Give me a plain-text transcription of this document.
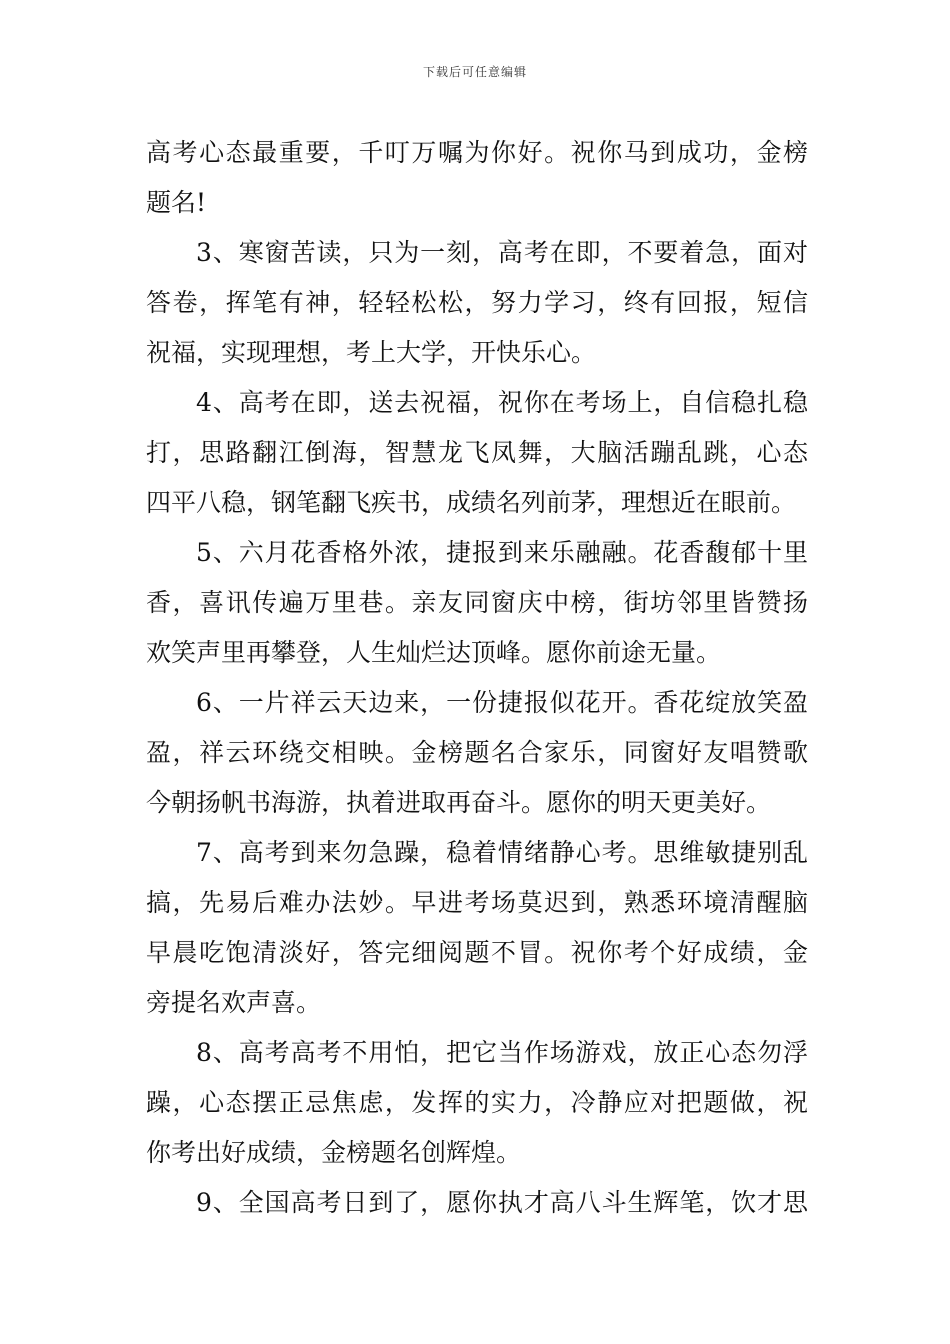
下载后可任意编辑
高考心态最重要，千叮万嘱为你好。祝你马到成功，金榜
题名!
3、寒窗苦读，只为一刻，高考在即，不要着急，面对
答卷，挥笔有神，轻轻松松，努力学习，终有回报，短信
祝福，实现理想，考上大学，开快乐心。
4、高考在即，送去祝福，祝你在考场上，自信稳扎稳
打，思路翻江倒海，智慧龙飞凤舞，大脑活蹦乱跳，心态
四平八稳，钢笔翻飞疾书，成绩名列前茅，理想近在眼前。
5、六月花香格外浓，捷报到来乐融融。花香馥郁十里
香，喜讯传遍万里巷。亲友同窗庆中榜，街坊邻里皆赞扬
欢笑声里再攀登，人生灿烂达顶峰。愿你前途无量。
6、一片祥云天边来，一份捷报似花开。香花绽放笑盈
盈，祥云环绕交相映。金榜题名合家乐，同窗好友唱赞歌
今朝扬帆书海游，执着进取再奋斗。愿你的明天更美好。
7、高考到来勿急躁，稳着情绪静心考。思维敏捷别乱
搞，先易后难办法妙。早进考场莫迟到，熟悉环境清醒脑
早晨吃饱清淡好，答完细阅题不冒。祝你考个好成绩，金
旁提名欢声喜。
8、高考高考不用怕，把它当作场游戏，放正心态勿浮
躁，心态摆正忌焦虑，发挥的实力，冷静应对把题做，祝
你考出好成绩，金榜题名创辉煌。
9、全国高考日到了，愿你执才高八斗生辉笔，饮才思
